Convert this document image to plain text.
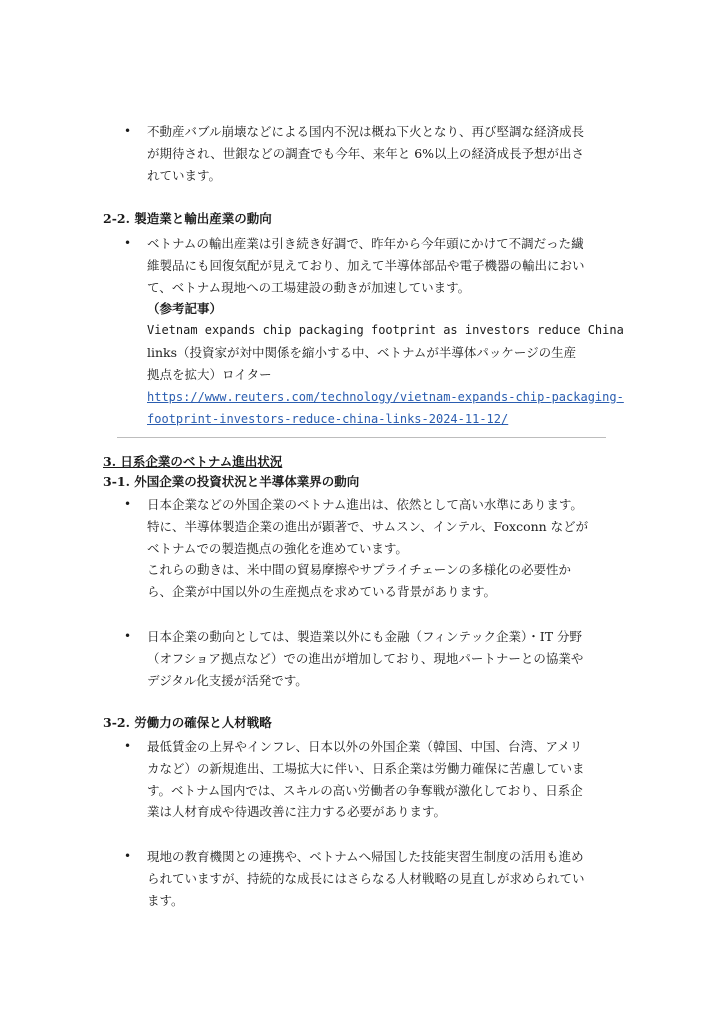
•	不動産バブル崩壊などによる国内不況は概ね下火となり、再び堅調な経済成長
が期待され、世銀などの調査でも今年、来年と 6%以上の経済成長予想が出さ
れています。
2-2. 製造業と輸出産業の動向
•	ベトナムの輸出産業は引き続き好調で、昨年から今年頭にかけて不調だった繊
維製品にも回復気配が見えており、加えて半導体部品や電子機器の輸出におい
て、ベトナム現地への工場建設の動きが加速しています。
（参考記事）
Vietnam expands chip packaging footprint as investors reduce China
links（投資家が対中関係を縮小する中、ベトナムが半導体パッケージの生産
拠点を拡大）ロイター
https://www.reuters.com/technology/vietnam-expands-chip-packaging-
footprint-investors-reduce-china-links-2024-11-12/
3. 日系企業のベトナム進出状況
3-1. 外国企業の投資状況と半導体業界の動向
•	日本企業などの外国企業のベトナム進出は、依然として高い水準にあります。
特に、半導体製造企業の進出が顕著で、サムスン、インテル、Foxconn などが
ベトナムでの製造拠点の強化を進めています。
これらの動きは、米中間の貿易摩擦やサプライチェーンの多様化の必要性か
ら、企業が中国以外の生産拠点を求めている背景があります。
•	日本企業の動向としては、製造業以外にも金融（フィンテック企業）・IT 分野
（オフショア拠点など）での進出が増加しており、現地パートナーとの協業や
デジタル化支援が活発です。
3-2. 労働力の確保と人材戦略
•	最低賃金の上昇やインフレ、日本以外の外国企業（韓国、中国、台湾、アメリ
カなど）の新規進出、工場拡大に伴い、日系企業は労働力確保に苦慮していま
す。ベトナム国内では、スキルの高い労働者の争奪戦が激化しており、日系企
業は人材育成や待遇改善に注力する必要があります。
•	現地の教育機関との連携や、ベトナムへ帰国した技能実習生制度の活用も進め
られていますが、持続的な成長にはさらなる人材戦略の見直しが求められてい
ます。
